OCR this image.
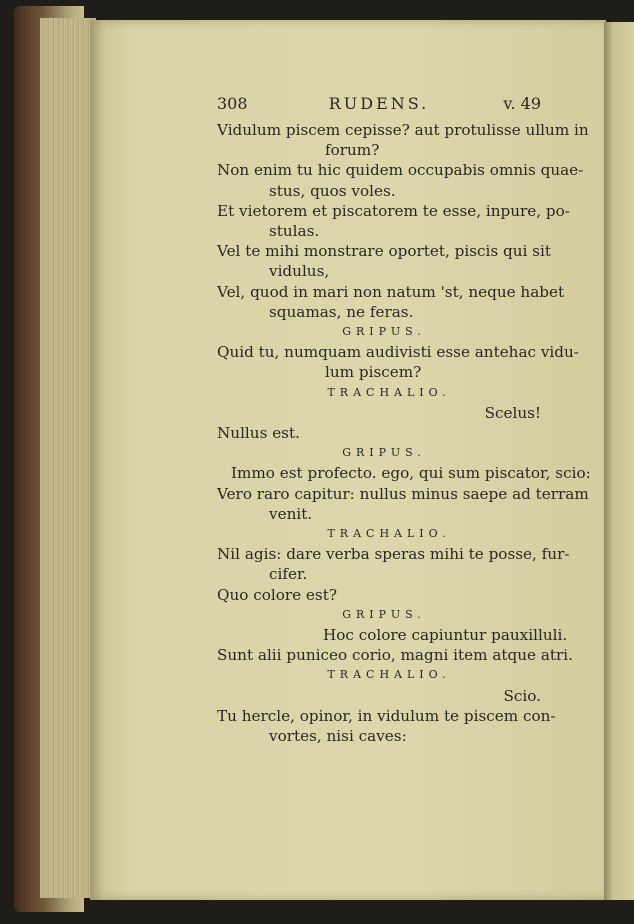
308	RUDENS.	v. 49
Vidulum piscem cepisse? aut protulisse ullum in
forum?
Non enim tu hic quidem occupabis omnis quae-
stus, quos voles.
Et vietorem et piscatorem te esse, inpure, po-
stulas.
Vel te mihi monstrare oportet, piscis qui sit
vidulus,
Vel, quod in mari non natum 'st, neque habet
squamas, ne feras.
GRIPUS.
Quid tu, numquam audivisti esse antehac vidu-
lum piscem?
TRACHALIO.
Scelus!
Nullus est.
GRIPUS.
Immo est profecto. ego, qui sum piscator, scio:
Vero raro capitur: nullus minus saepe ad terram
venit.
TRACHALIO.
Nil agis: dare verba speras mihi te posse, fur-
cifer.
Quo colore est?
GRIPUS.
Hoc colore capiuntur pauxilluli.
Sunt alii puniceo corio, magni item atque atri.
TRACHALIO.
Scio.
Tu hercle, opinor, in vidulum te piscem con-
vortes, nisi caves:
